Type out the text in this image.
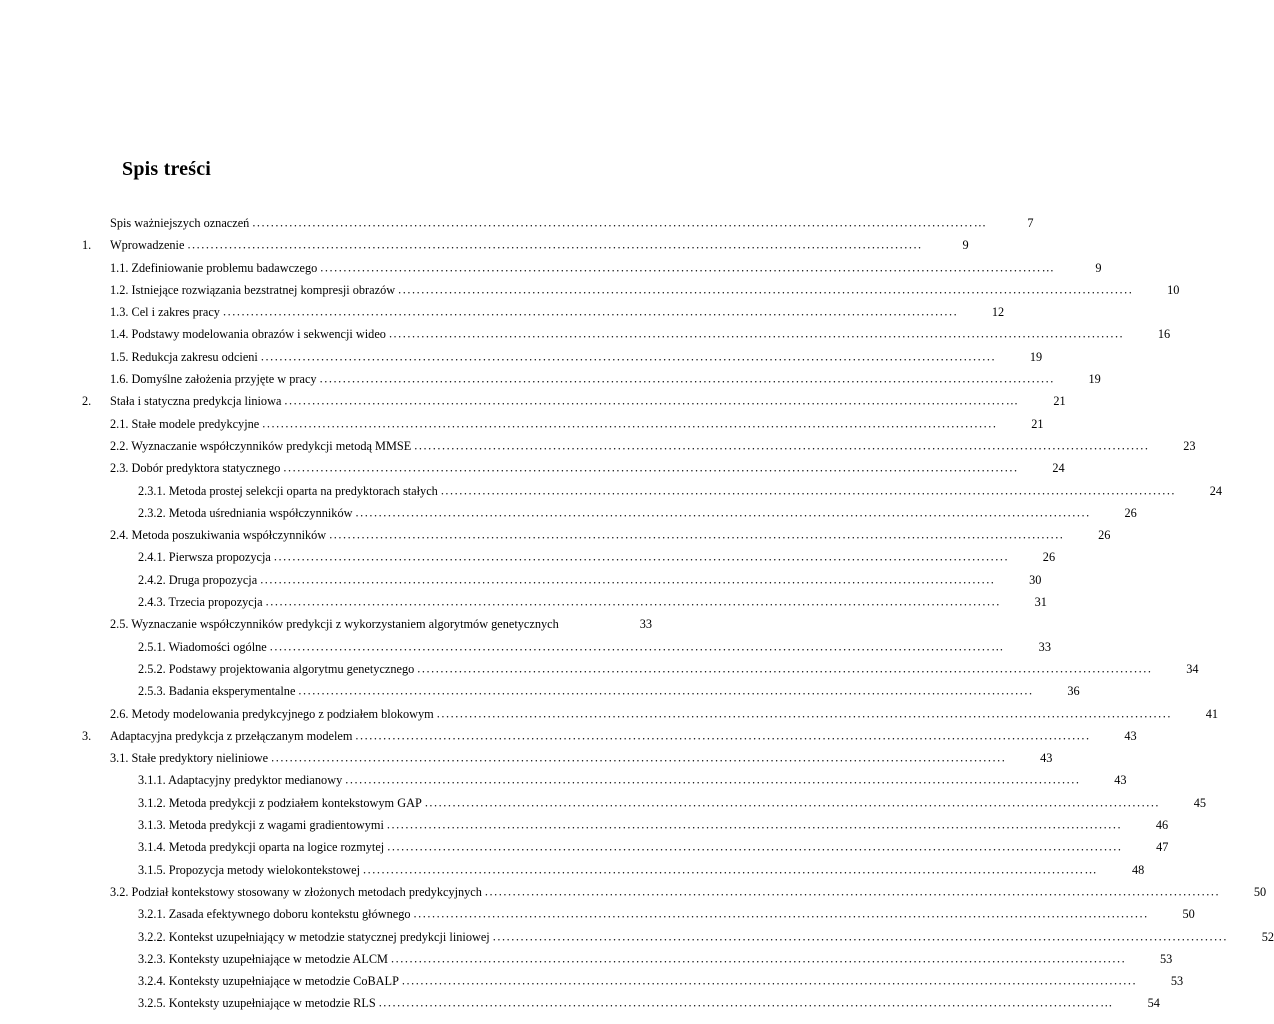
Spis treści
Spis ważniejszych oznaczeń ............................................................................................................................................................…	7
1.	Wprowadzenie ...............................................................................................................................................................	9
1.1. Zdefiniowanie problemu badawczego ............................................................................................................................................................…	9
1.2. Istniejące rozwiązania bezstratnej kompresji obrazów ...............................................................................................................................................................	10
1.3. Cel i zakres pracy ...............................................................................................................................................................	12
1.4. Podstawy modelowania obrazów i sekwencji wideo ...............................................................................................................................................................	16
1.5. Redukcja zakresu odcieni ...............................................................................................................................................................	19
1.6. Domyślne założenia przyjęte w pracy ...............................................................................................................................................................	19
2.	Stała i statyczna predykcja liniowa ............................................................................................................................................................…	21
2.1. Stałe modele predykcyjne ...............................................................................................................................................................	21
2.2. Wyznaczanie współczynników predykcji metodą MMSE ...............................................................................................................................................................	23
2.3. Dobór predyktora statycznego ...............................................................................................................................................................	24
2.3.1. Metoda prostej selekcji oparta na predyktorach stałych ...............................................................................................................................................................	24
2.3.2. Metoda uśredniania współczynników ...............................................................................................................................................................	26
2.4. Metoda poszukiwania współczynników ...............................................................................................................................................................	26
2.4.1. Pierwsza propozycja ...............................................................................................................................................................	26
2.4.2. Druga propozycja ...............................................................................................................................................................	30
2.4.3. Trzecia propozycja ...............................................................................................................................................................	31
2.5. Wyznaczanie współczynników predykcji z wykorzystaniem algorytmów genetycznych	33
2.5.1. Wiadomości ogólne ............................................................................................................................................................…	33
2.5.2. Podstawy projektowania algorytmu genetycznego ...............................................................................................................................................................	34
2.5.3. Badania eksperymentalne ...............................................................................................................................................................	36
2.6. Metody modelowania predykcyjnego z podziałem blokowym ...............................................................................................................................................................	41
3.	Adaptacyjna predykcja z przełączanym modelem ...............................................................................................................................................................	43
3.1. Stałe predyktory nieliniowe ...............................................................................................................................................................	43
3.1.1. Adaptacyjny predyktor medianowy ...............................................................................................................................................................	43
3.1.2. Metoda predykcji z podziałem kontekstowym GAP ...............................................................................................................................................................	45
3.1.3. Metoda predykcji z wagami gradientowymi ...............................................................................................................................................................	46
3.1.4. Metoda predykcji oparta na logice rozmytej ...............................................................................................................................................................	47
3.1.5. Propozycja metody wielokontekstowej ............................................................................................................................................................…	48
3.2. Podział kontekstowy stosowany w złożonych metodach predykcyjnych ...............................................................................................................................................................	50
3.2.1. Zasada efektywnego doboru kontekstu głównego ...............................................................................................................................................................	50
3.2.2. Kontekst uzupełniający w metodzie statycznej predykcji liniowej ...............................................................................................................................................................	52
3.2.3. Konteksty uzupełniające w metodzie ALCM ...............................................................................................................................................................	53
3.2.4. Konteksty uzupełniające w metodzie CoBALP ...............................................................................................................................................................	53
3.2.5. Konteksty uzupełniające w metodzie RLS ............................................................................................................................................................…	54
